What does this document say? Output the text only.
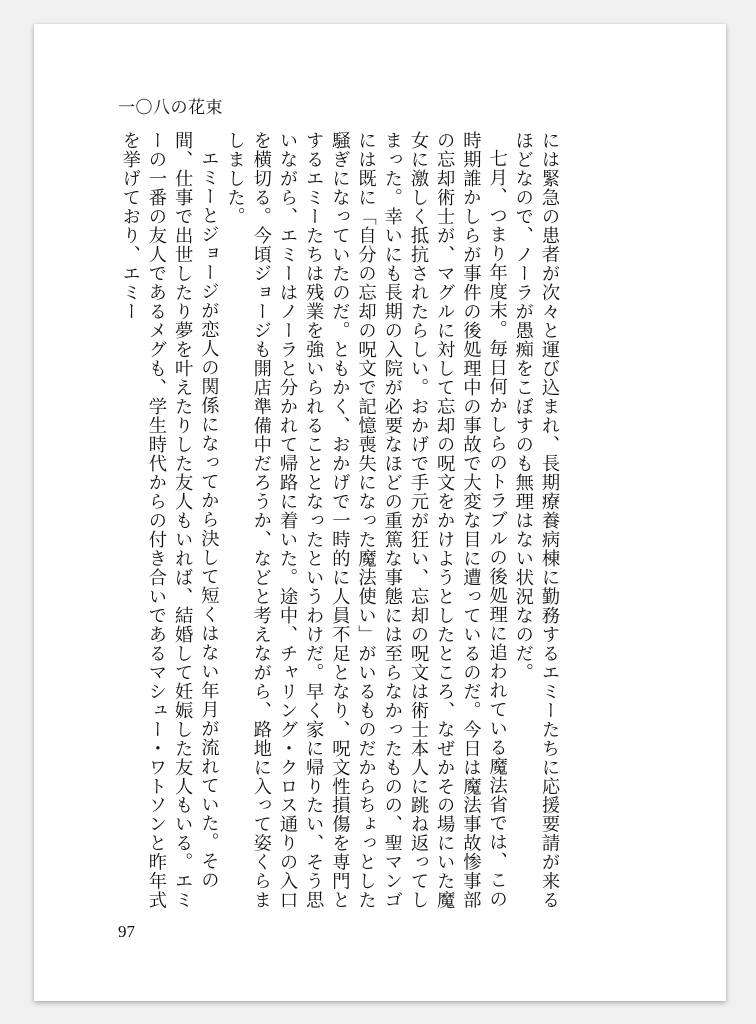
一〇八の花束

には緊急の患者が次々と運び込まれ、長期療養病棟に勤務するエミーたちに応援要請が来るほどなので、ノーラが愚痴をこぼすのも無理はない状況なのだ。

七月、つまり年度末。毎日何かしらのトラブルの後処理に追われている魔法省では、この時期誰かしらが事件の後処理中の事故で大変な目に遭っているのだ。今日は魔法事故惨事部の忘却術士が、マグルに対して忘却の呪文をかけようとしたところ、なぜかその場にいた魔女に激しく抵抗されたらしい。おかげで手元が狂い、忘却の呪文は術士本人に跳ね返ってしまった。幸いにも長期の入院が必要なほどの重篤な事態には至らなかったものの、聖マンゴには既に「自分の忘却の呪文で記憶喪失になった魔法使い」がいるものだからちょっとした騒ぎになっていたのだ。ともかく、おかげで一時的に人員不足となり、呪文性損傷を専門とするエミーたちは残業を強いられることとなったというわけだ。早く家に帰りたい、そう思いながら、エミーはノーラと分かれて帰路に着いた。途中、チャリング・クロス通りの入口を横切る。今頃ジョージも開店準備中だろうか、などと考えながら、路地に入って姿くらましました。

エミーとジョージが恋人の関係になってから決して短くはない年月が流れていた。その間、仕事で出世したり夢を叶えたりした友人もいれば、結婚して妊娠した友人もいる。エミーの一番の友人であるメグも、学生時代からの付き合いであるマシュー・ワトソンと昨年式を挙げており、エミー

97
